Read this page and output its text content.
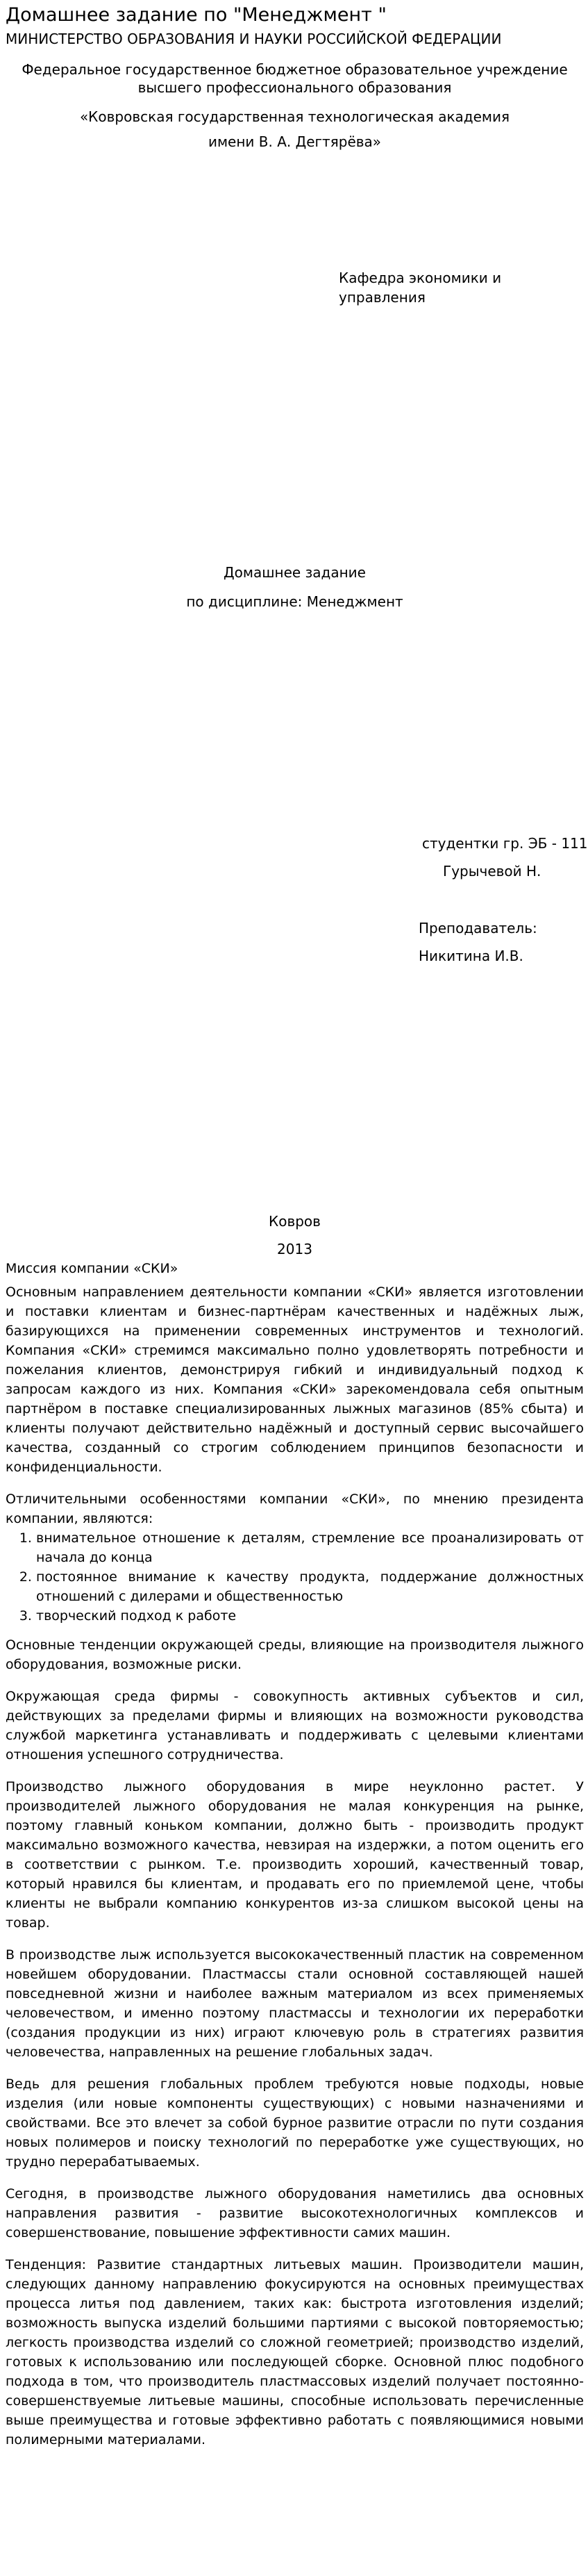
Домашнее задание по "Менеджмент "
МИНИСТЕРСТВО ОБРАЗОВАНИЯ И НАУКИ РОССИЙСКОЙ ФЕДЕРАЦИИ
Федеральное государственное бюджетное образовательное учреждение
высшего профессионального образования
«Ковровская государственная технологическая академия
имени В. А. Дегтярёва»
Кафедра экономики и управления
Домашнее задание
по дисциплине: Менеджмент
студентки гр. ЭБ - 111
Гурычевой Н.
Преподаватель:
Никитина И.В.
Ковров
2013

Миссия компании «СКИ»

Основным направлением деятельности компании «СКИ» является изготовлении и поставки клиентам и бизнес-партнёрам качественных и надёжных лыж, базирующихся на применении современных инструментов и технологий. Компания «СКИ» стремимся максимально полно удовлетворять потребности и пожелания клиентов, демонстрируя гибкий и индивидуальный подход к запросам каждого из них. Компания «СКИ» зарекомендовала себя опытным партнёром в поставке специализированных лыжных магазинов (85% сбыта) и клиенты получают действительно надёжный и доступный сервис высочайшего качества, созданный со строгим соблюдением принципов безопасности и конфиденциальности.

Отличительными особенностями компании «СКИ», по мнению президента компании, являются:

1. внимательное отношение к деталям, стремление все проанализировать от начала до конца
2. постоянное внимание к качеству продукта, поддержание должностных отношений с дилерами и общественностью
3. творческий подход к работе

Основные тенденции окружающей среды, влияющие на производителя лыжного оборудования, возможные риски.

Окружающая среда фирмы - совокупность активных субъектов и сил, действующих за пределами фирмы и влияющих на возможности руководства службой маркетинга устанавливать и поддерживать с целевыми клиентами отношения успешного сотрудничества.

Производство лыжного оборудования в мире неуклонно растет. У производителей лыжного оборудования не малая конкуренция на рынке, поэтому главный коньком компании, должно быть - производить продукт максимально возможного качества, невзирая на издержки, а потом оценить его в соответствии с рынком. Т.е. производить хороший, качественный товар, который нравился бы клиентам, и продавать его по приемлемой цене, чтобы клиенты не выбрали компанию конкурентов из-за слишком высокой цены на товар.

В производстве лыж используется высококачественный пластик на современном новейшем оборудовании. Пластмассы стали основной составляющей нашей повседневной жизни и наиболее важным материалом из всех применяемых человечеством, и именно поэтому пластмассы и технологии их переработки (создания продукции из них) играют ключевую роль в стратегиях развития человечества, направленных на решение глобальных задач.

Ведь для решения глобальных проблем требуются новые подходы, новые изделия (или новые компоненты существующих) с новыми назначениями и свойствами. Все это влечет за собой бурное развитие отрасли по пути создания новых полимеров и поиску технологий по переработке уже существующих, но трудно перерабатываемых.

Сегодня, в производстве лыжного оборудования наметились два основных направления развития - развитие высокотехнологичных комплексов и совершенствование, повышение эффективности самих машин.

Тенденция: Развитие стандартных литьевых машин. Производители машин, следующих данному направлению фокусируются на основных преимуществах процесса литья под давлением, таких как: быстрота изготовления изделий; возможность выпуска изделий большими партиями с высокой повторяемостью; легкость производства изделий со сложной геометрией; производство изделий, готовых к использованию или последующей сборке. Основной плюс подобного подхода в том, что производитель пластмассовых изделий получает постоянно-совершенствуемые литьевые машины, способные использовать перечисленные выше преимущества и готовые эффективно работать с появляющимися новыми полимерными материалами.
